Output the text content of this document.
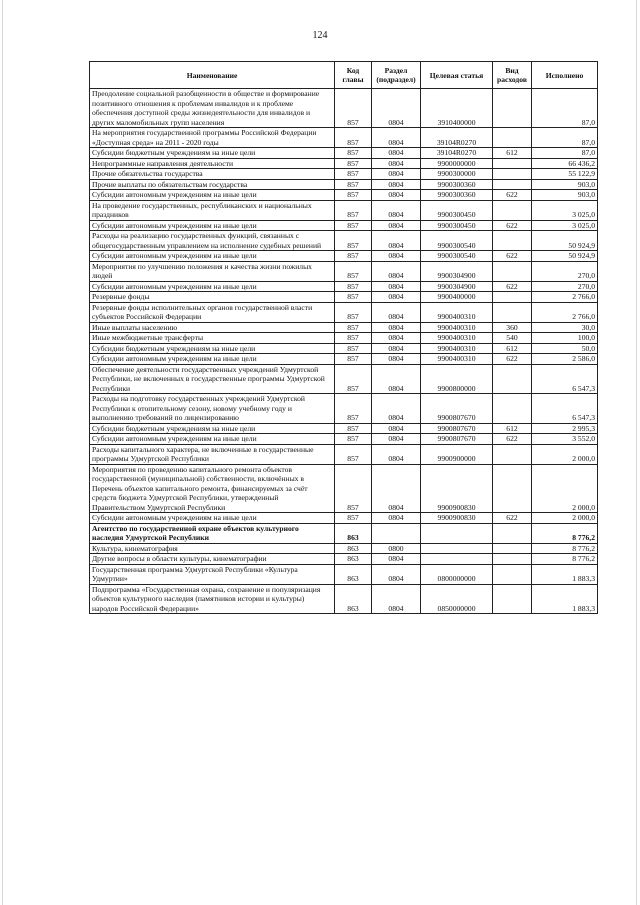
124
Наименование	Код главы	Раздел (подраздел)	Целевая статья	Вид расходов	Исполнено
Преодоление социальной разобщенности в обществе и формирование позитивного отношения к проблемам инвалидов и к проблеме обеспечения доступной среды жизнедеятельности для инвалидов и других маломобильных групп населения	857	0804	3910400000		87,0
На мероприятия государственной программы Российской Федерации «Доступная среда» на 2011 - 2020 годы	857	0804	39104R0270		87,0
Субсидии бюджетным учреждениям на иные цели	857	0804	39104R0270	612	87,0
Непрограммные направления деятельности	857	0804	9900000000		66 436,2
Прочие обязательства государства	857	0804	9900300000		55 122,9
Прочие выплаты по обязательствам государства	857	0804	9900300360		903,0
Субсидии автономным учреждениям на иные цели	857	0804	9900300360	622	903,0
На проведение государственных, республиканских и национальных праздников	857	0804	9900300450		3 025,0
Субсидии автономным учреждениям на иные цели	857	0804	9900300450	622	3 025,0
Расходы на реализацию государственных функций, связанных с общегосударственным управлением на исполнение судебных решений	857	0804	9900300540		50 924,9
Субсидии автономным учреждениям на иные цели	857	0804	9900300540	622	50 924,9
Мероприятия по улучшению положения и качества жизни пожилых людей	857	0804	9900304900		270,0
Субсидии автономным учреждениям на иные цели	857	0804	9900304900	622	270,0
Резервные фонды	857	0804	9900400000		2 766,0
Резервные фонды исполнительных органов государственной власти субъектов Российской Федерации	857	0804	9900400310		2 766,0
Иные выплаты населению	857	0804	9900400310	360	30,0
Иные межбюджетные трансферты	857	0804	9900400310	540	100,0
Субсидии бюджетным учреждениям на иные цели	857	0804	9900400310	612	50,0
Субсидии автономным учреждениям на иные цели	857	0804	9900400310	622	2 586,0
Обеспечение деятельности государственных учреждений Удмуртской Республики, не включенных в государственные программы Удмуртской Республики	857	0804	9900800000		6 547,3
Расходы на подготовку государственных учреждений Удмуртской Республики к отопительному сезону, новому учебному году и выполнению требований по лицензированию	857	0804	9900807670		6 547,3
Субсидии бюджетным учреждениям на иные цели	857	0804	9900807670	612	2 995,3
Субсидии автономным учреждениям на иные цели	857	0804	9900807670	622	3 552,0
Расходы капитального характера, не включенные в государственные программы Удмуртской Республики	857	0804	9900900000		2 000,0
Мероприятия по проведению капитального ремонта объектов государственной (муниципальной) собственности, включённых в Перечень объектов капитального ремонта, финансируемых за счёт средств бюджета Удмуртской Республики, утвержденный Правительством Удмуртской Республики	857	0804	9900900830		2 000,0
Субсидии автономным учреждениям на иные цели	857	0804	9900900830	622	2 000,0
Агентство по государственной охране объектов культурного наследия Удмуртской Республики	863				8 776,2
Культура, кинематография	863	0800			8 776,2
Другие вопросы в области культуры, кинематографии	863	0804			8 776,2
Государственная программа Удмуртской Республики «Культура Удмуртии»	863	0804	0800000000		1 883,3
Подпрограмма «Государственная охрана, сохранение и популяризация объектов культурного наследия (памятников истории и культуры) народов Российской Федерации»	863	0804	0850000000		1 883,3
